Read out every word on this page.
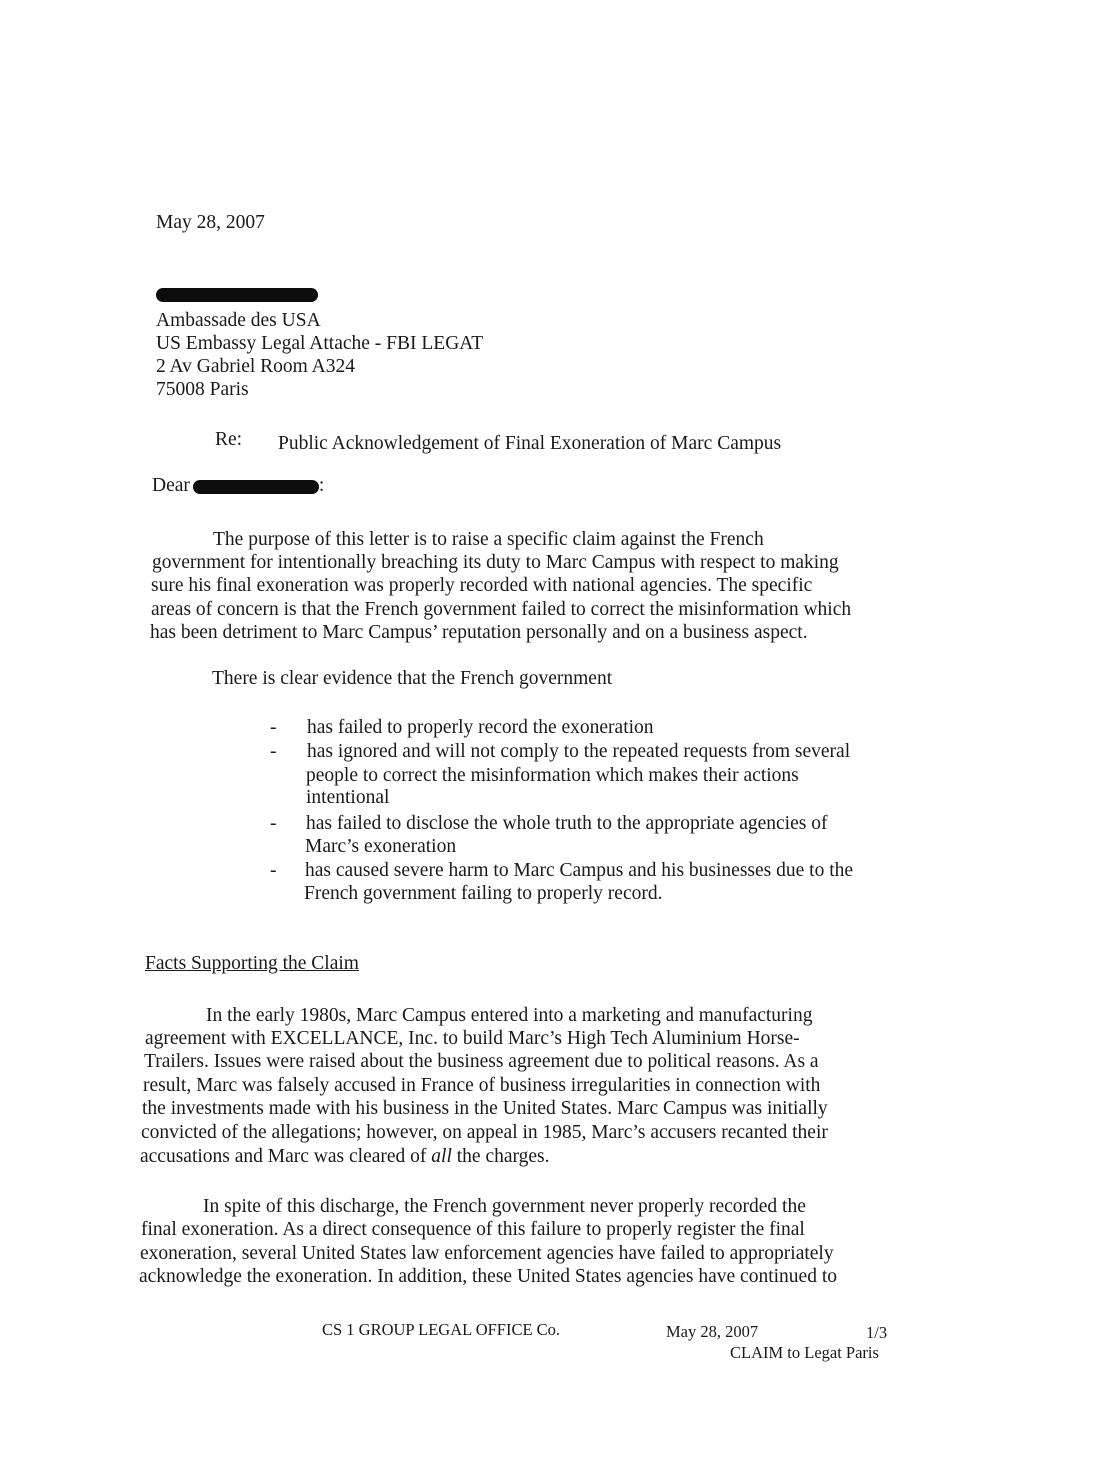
May 28, 2007
Ambassade des USA
US Embassy Legal Attache - FBI LEGAT
2 Av Gabriel Room A324
75008 Paris
Re: Public Acknowledgement of Final Exoneration of Marc Campus
Dear	:
The purpose of this letter is to raise a specific claim against the French
government for intentionally breaching its duty to Marc Campus with respect to making
sure his final exoneration was properly recorded with national agencies. The specific
areas of concern is that the French government failed to correct the misinformation which
has been detriment to Marc Campus’ reputation personally and on a business aspect.
There is clear evidence that the French government
- has failed to properly record the exoneration
- has ignored and will not comply to the repeated requests from several
people to correct the misinformation which makes their actions
intentional
- has failed to disclose the whole truth to the appropriate agencies of
Marc’s exoneration
- has caused severe harm to Marc Campus and his businesses due to the
French government failing to properly record.
Facts Supporting the Claim
In the early 1980s, Marc Campus entered into a marketing and manufacturing
agreement with EXCELLANCE, Inc. to build Marc’s High Tech Aluminium Horse-
Trailers. Issues were raised about the business agreement due to political reasons. As a
result, Marc was falsely accused in France of business irregularities in connection with
the investments made with his business in the United States. Marc Campus was initially
convicted of the allegations; however, on appeal in 1985, Marc’s accusers recanted their
accusations and Marc was cleared of all the charges.
In spite of this discharge, the French government never properly recorded the
final exoneration. As a direct consequence of this failure to properly register the final
exoneration, several United States law enforcement agencies have failed to appropriately
acknowledge the exoneration. In addition, these United States agencies have continued to
CS 1 GROUP LEGAL OFFICE Co.	May 28, 2007	1/3
CLAIM to Legat Paris
